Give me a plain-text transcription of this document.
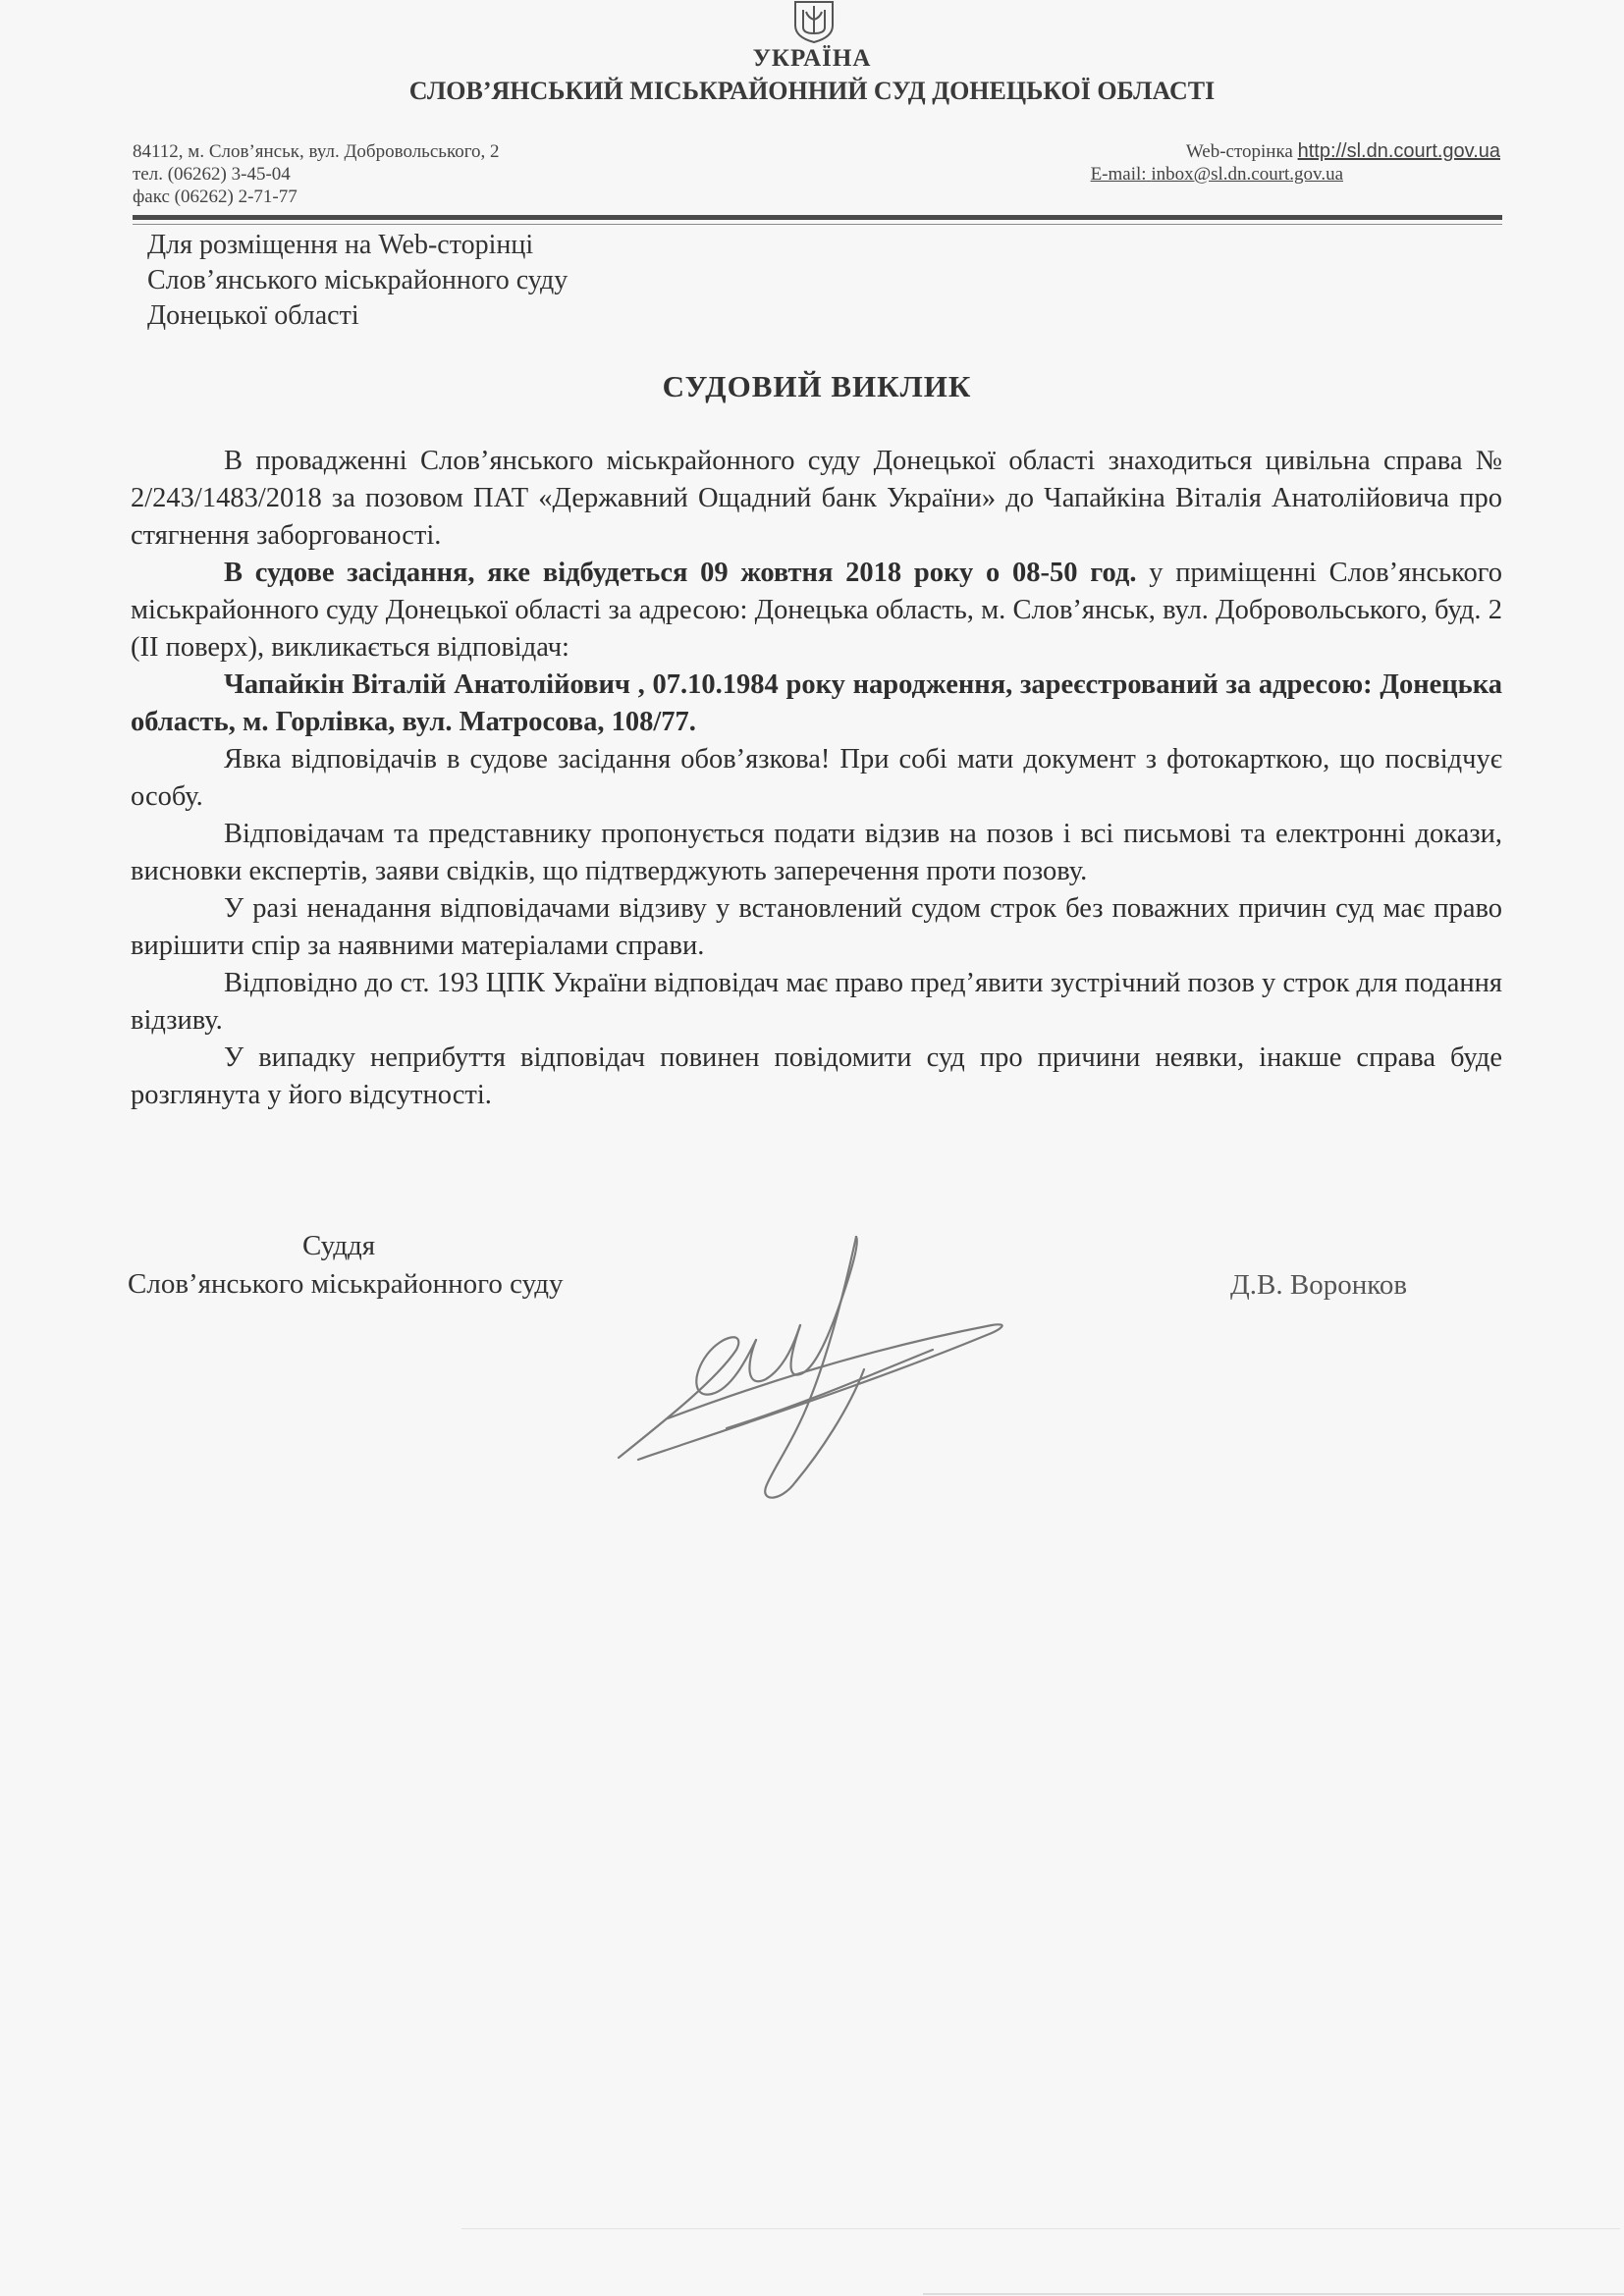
УКРАЇНА
СЛОВ’ЯНСЬКИЙ МІСЬКРАЙОННИЙ СУД ДОНЕЦЬКОЇ ОБЛАСТІ
84112, м. Слов’янськ, вул. Добровольського, 2
тел. (06262) 3-45-04
факс (06262) 2-71-77
Web-сторінка http://sl.dn.court.gov.ua
E-mail: inbox@sl.dn.court.gov.ua
Для розміщення на Web-сторінці
Слов’янського міськрайонного суду
Донецької області
СУДОВИЙ ВИКЛИК

В провадженні Слов’янського міськрайонного суду Донецької області знаходиться цивільна справа № 2/243/1483/2018 за позовом ПАТ «Державний Ощадний банк України» до Чапайкіна Віталія Анатолійовича про стягнення заборгованості.

В судове засідання, яке відбудеться 09 жовтня 2018 року о 08-50 год. у приміщенні Слов’янського міськрайонного суду Донецької області за адресою: Донецька область, м. Слов’янськ, вул. Добровольського, буд. 2 (ІІ поверх), викликається відповідач:

Чапайкін Віталій Анатолійович , 07.10.1984 року народження, зареєстрований за адресою: Донецька область, м. Горлівка, вул. Матросова, 108/77.

Явка відповідачів в судове засідання обов’язкова! При собі мати документ з фотокарткою, що посвідчує особу.

Відповідачам та представнику пропонується подати відзив на позов і всі письмові та електронні докази, висновки експертів, заяви свідків, що підтверджують заперечення проти позову.

У разі ненадання відповідачами відзиву у встановлений судом строк без поважних причин суд має право вирішити спір за наявними матеріалами справи.

Відповідно до ст. 193 ЦПК України відповідач має право пред’явити зустрічний позов у строк для подання відзиву.

У випадку неприбуття відповідач повинен повідомити суд про причини неявки, інакше справа буде розглянута у його відсутності.

Суддя
Слов’янського міськрайонного суду	Д.В. Воронков
